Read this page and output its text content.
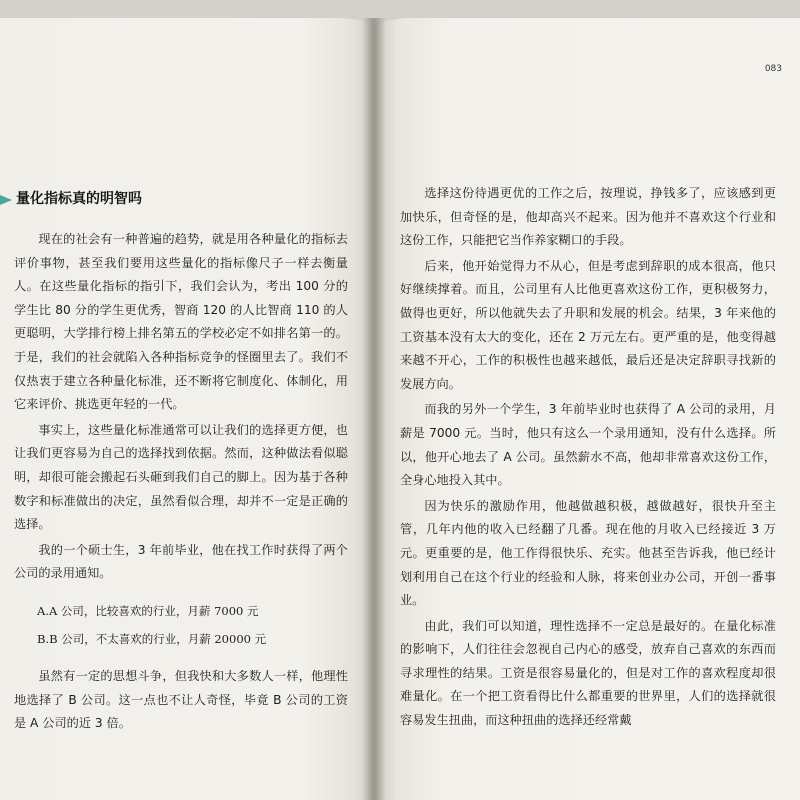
量化指标真的明智吗

现在的社会有一种普遍的趋势，就是用各种量化的指标去评价事物，甚至我们要用这些量化的指标像尺子一样去衡量人。在这些量化指标的指引下，我们会认为，考出 100 分的学生比 80 分的学生更优秀，智商 120 的人比智商 110 的人更聪明，大学排行榜上排名第五的学校必定不如排名第一的。于是，我们的社会就陷入各种指标竞争的怪圈里去了。我们不仅热衷于建立各种量化标准，还不断将它制度化、体制化，用它来评价、挑选更年轻的一代。

事实上，这些量化标准通常可以让我们的选择更方便，也让我们更容易为自己的选择找到依据。然而，这种做法看似聪明，却很可能会搬起石头砸到我们自己的脚上。因为基于各种数字和标准做出的决定，虽然看似合理，却并不一定是正确的选择。

我的一个硕士生，3 年前毕业，他在找工作时获得了两个公司的录用通知。

A.A 公司，比较喜欢的行业，月薪 7000 元

B.B 公司，不太喜欢的行业，月薪 20000 元

虽然有一定的思想斗争，但我快和大多数人一样，他理性地选择了 B 公司。这一点也不让人奇怪，毕竟 B 公司的工资是 A 公司的近 3 倍。

083

选择这份待遇更优的工作之后，按理说，挣钱多了，应该感到更加快乐，但奇怪的是，他却高兴不起来。因为他并不喜欢这个行业和这份工作，只能把它当作养家糊口的手段。

后来，他开始觉得力不从心，但是考虑到辞职的成本很高，他只好继续撑着。而且，公司里有人比他更喜欢这份工作，更积极努力，做得也更好，所以他就失去了升职和发展的机会。结果，3 年来他的工资基本没有太大的变化，还在 2 万元左右。更严重的是，他变得越来越不开心，工作的积极性也越来越低，最后还是决定辞职寻找新的发展方向。

而我的另外一个学生，3 年前毕业时也获得了 A 公司的录用，月薪是 7000 元。当时，他只有这么一个录用通知，没有什么选择。所以，他开心地去了 A 公司。虽然薪水不高，他却非常喜欢这份工作，全身心地投入其中。

因为快乐的激励作用，他越做越积极，越做越好，很快升至主管，几年内他的收入已经翻了几番。现在他的月收入已经接近 3 万元。更重要的是，他工作得很快乐、充实。他甚至告诉我，他已经计划利用自己在这个行业的经验和人脉，将来创业办公司，开创一番事业。

由此，我们可以知道，理性选择不一定总是最好的。在量化标准的影响下，人们往往会忽视自己内心的感受，放弃自己喜欢的东西而寻求理性的结果。工资是很容易量化的，但是对工作的喜欢程度却很难量化。在一个把工资看得比什么都重要的世界里，人们的选择就很容易发生扭曲，而这种扭曲的选择还经常戴
